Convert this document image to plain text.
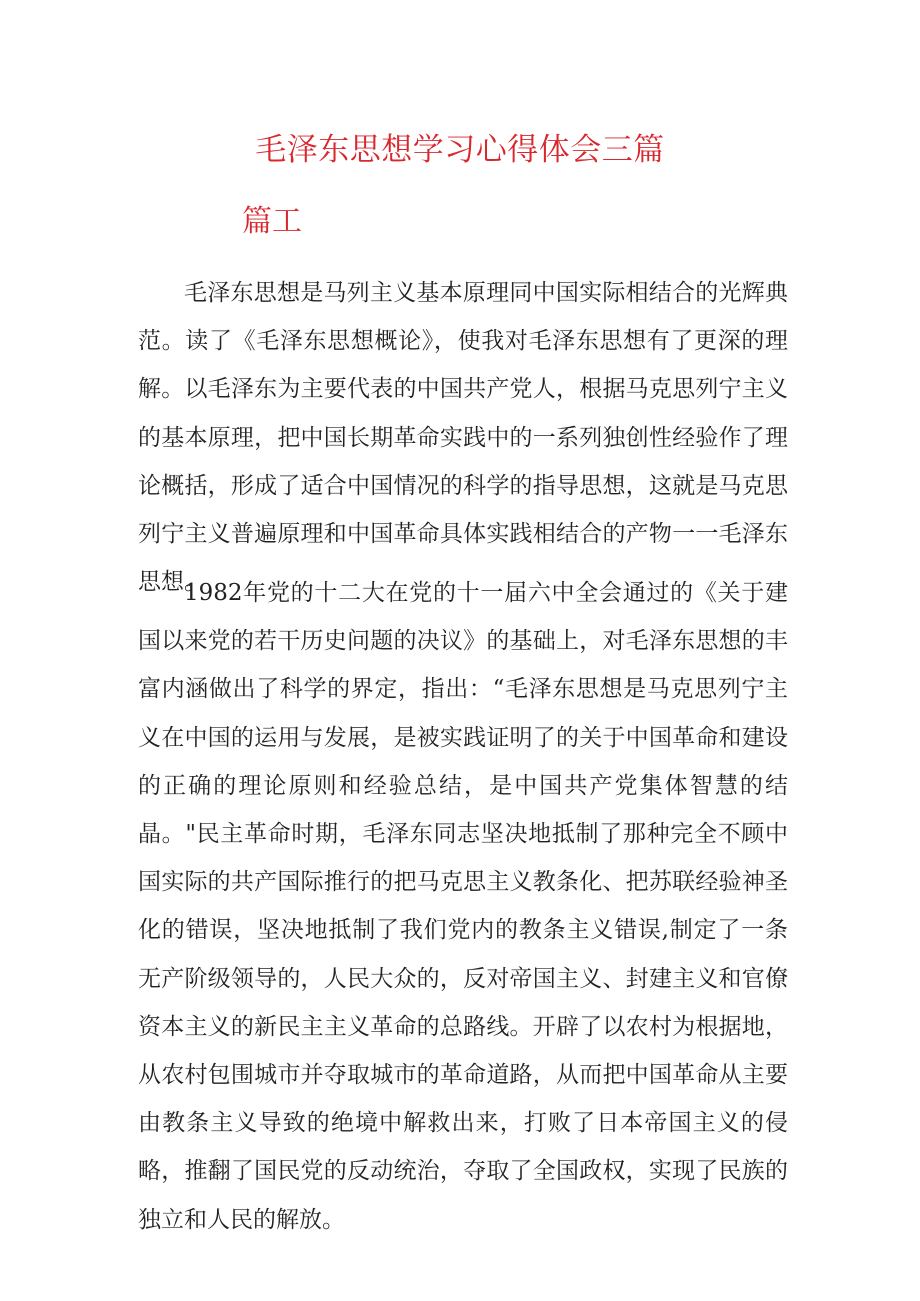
毛泽东思想学习心得体会三篇
篇工

毛泽东思想是马列主义基本原理同中国实际相结合的光辉典范。读了《毛泽东思想概论》，使我对毛泽东思想有了更深的理解。以毛泽东为主要代表的中国共产党人，根据马克思列宁主义的基本原理，把中国长期革命实践中的一系列独创性经验作了理论概括，形成了适合中国情况的科学的指导思想，这就是马克思列宁主义普遍原理和中国革命具体实践相结合的产物一一毛泽东思想。

1982年党的十二大在党的十一届六中全会通过的《关于建国以来党的若干历史问题的决议》的基础上，对毛泽东思想的丰富内涵做出了科学的界定，指出：“毛泽东思想是马克思列宁主义在中国的运用与发展，是被实践证明了的关于中国革命和建设的正确的理论原则和经验总结，是中国共产党集体智慧的结晶。"民主革命时期，毛泽东同志坚决地抵制了那种完全不顾中国实际的共产国际推行的把马克思主义教条化、把苏联经验神圣化的错误，坚决地抵制了我们党内的教条主义错误,制定了一条无产阶级领导的，人民大众的，反对帝国主义、封建主义和官僚资本主义的新民主主义革命的总路线。开辟了以农村为根据地，从农村包围城市并夺取城市的革命道路，从而把中国革命从主要由教条主义导致的绝境中解救出来，打败了日本帝国主义的侵略，推翻了国民党的反动统治，夺取了全国政权，实现了民族的独立和人民的解放。
